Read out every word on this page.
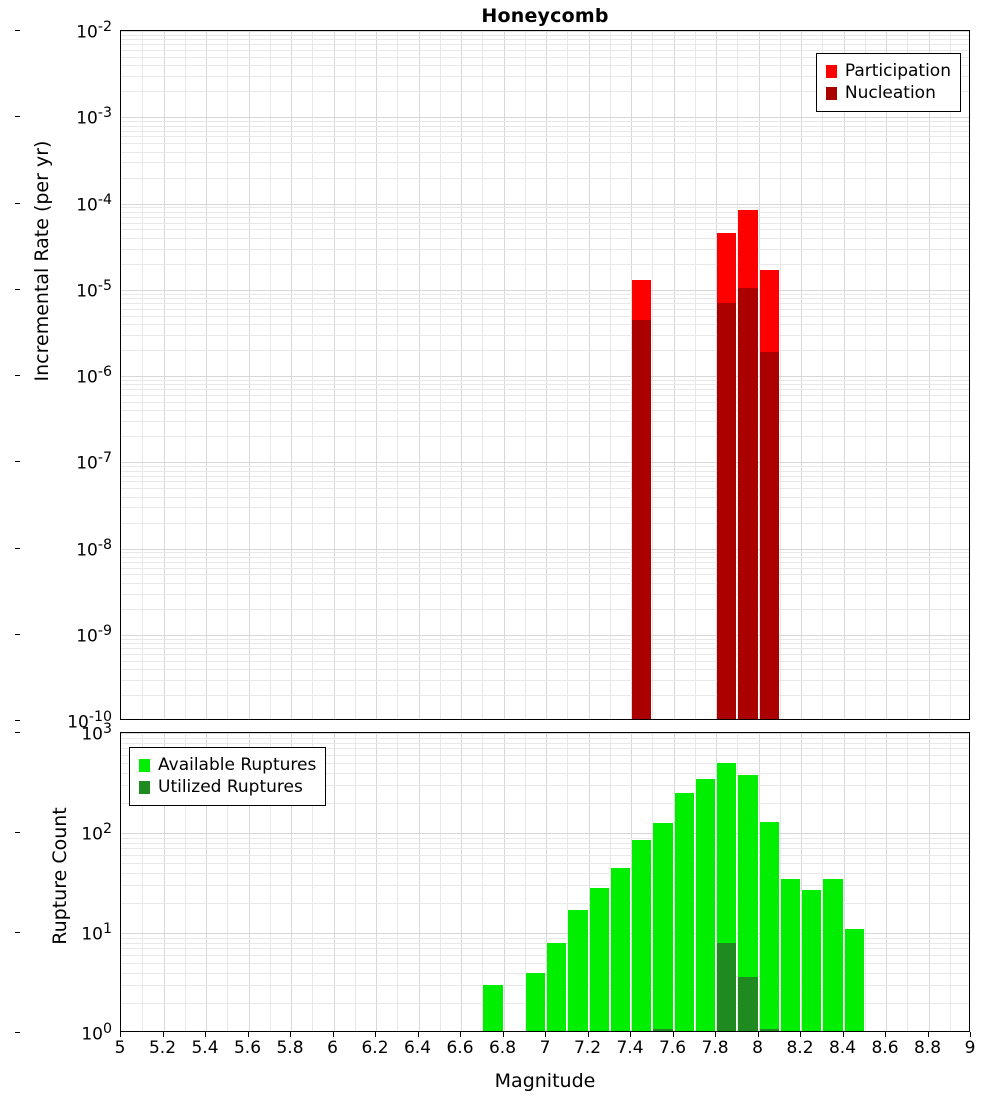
Honeycomb
Incremental Rate (per yr)
Rupture Count
Magnitude
Participation
Nucleation
$10^{-2}$
$10^{-3}$
$10^{-4}$
$10^{-5}$
$10^{-6}$
$10^{-7}$
$10^{-8}$
$10^{-9}$
$10^{-10}$
Available Ruptures
Utilized Ruptures
$10^3$
$10^2$
$10^1$
$10^0$
5	5.2 5.4 5.6 5.8	6	6.2 6.4 6.6 6.8	7	7.2 7.4 7.6 7.8	8	8.2 8.4 8.6 8.8	9
